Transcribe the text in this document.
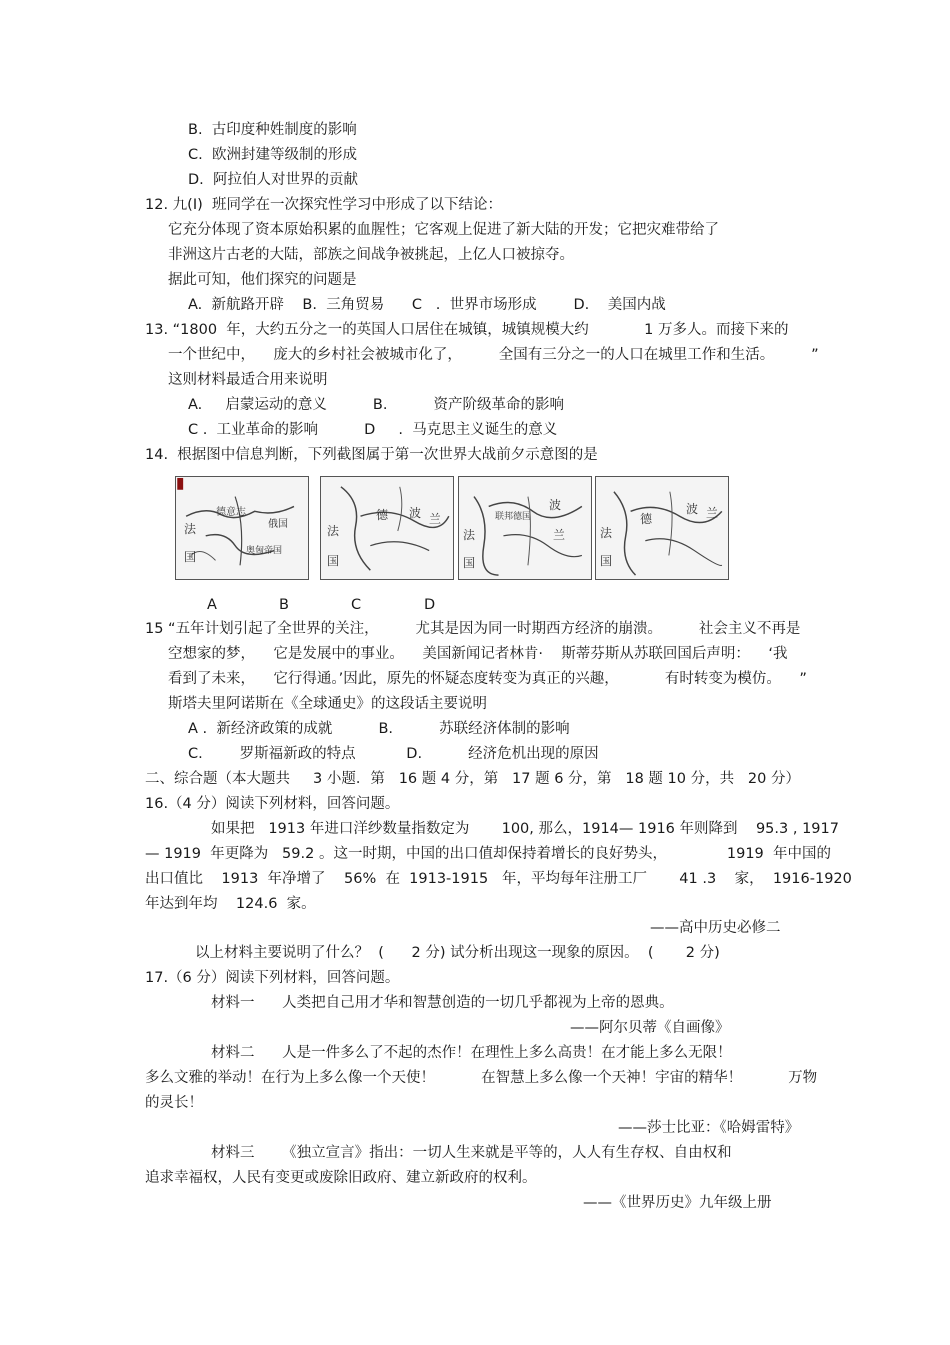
B.  古印度种姓制度的影响
C.  欧洲封建等级制的形成
D.  阿拉伯人对世界的贡献
12. 九(I)  班同学在一次探究性学习中形成了以下结论：
它充分体现了资本原始积累的血腥性；它客观上促进了新大陆的开发；它把灾难带给了
非洲这片古老的大陆，部族之间战争被挑起，上亿人口被掠夺。
据此可知，他们探究的问题是
A.  新航路开辟    B.  三角贸易      C   .  世界市场形成        D.    美国内战
13. “1800  年，大约五分之一的英国人口居住在城镇，城镇规模大约            1 万多人。而接下来的
一个世纪中，    庞大的乡村社会被城市化了，        全国有三分之一的人口在城里工作和生活。        ”
这则材料最适合用来说明
A.     启蒙运动的意义          B.          资产阶级革命的影响
C .  工业革命的影响          D     .  马克思主义诞生的意义
14.  根据图中信息判断，下列截图属于第一次世界大战前夕示意图的是
法
国
德意志
俄国
奥匈帝国
法
国
德 波 兰
法
国
波
兰
联邦德国
法
国
德
波 兰
A	B	C	D
15 “五年计划引起了全世界的关注，        尤其是因为同一时期西方经济的崩溃。        社会主义不再是
空想家的梦，    它是发展中的事业。    美国新闻记者林肯·    斯蒂芬斯从苏联回国后声明：    ‘我
看到了未来，    它行得通。’因此，原先的怀疑态度转变为真正的兴趣，          有时转变为模仿。    ”
斯塔夫里阿诺斯在《全球通史》的这段话主要说明
A .  新经济政策的成就          B.          苏联经济体制的影响
C.        罗斯福新政的特点           D.          经济危机出现的原因
二、综合题（本大题共     3 小题．第   16 题 4 分，第   17 题 6 分，第   18 题 10 分，共   20 分）
16.（4 分）阅读下列材料，回答问题。
如果把   1913 年进口洋纱数量指数定为       100, 那么，1914— 1916 年则降到    95.3 , 1917
— 1919  年更降为   59.2 。这一时期，中国的出口值却保持着增长的良好势头，             1919  年中国的
出口值比    1913  年净增了    56%  在  1913-1915   年，平均每年注册工厂       41 .3    家，  1916-1920
年达到年均    124.6  家。
——高中历史必修二
以上材料主要说明了什么？  (      2 分) 试分析出现这一现象的原因。  (       2 分)
17.（6 分）阅读下列材料，回答问题。
材料一      人类把自己用才华和智慧创造的一切几乎都视为上帝的恩典。
——阿尔贝蒂《自画像》
材料二      人是一件多么了不起的杰作！在理性上多么高贵！在才能上多么无限！
多么文雅的举动！在行为上多么像一个天使！          在智慧上多么像一个天神！宇宙的精华！          万物
的灵长！
——莎士比亚：《哈姆雷特》
材料三      《独立宣言》指出：一切人生来就是平等的，人人有生存权、自由权和
追求幸福权，人民有变更或废除旧政府、建立新政府的权利。
——《世界历史》九年级上册
